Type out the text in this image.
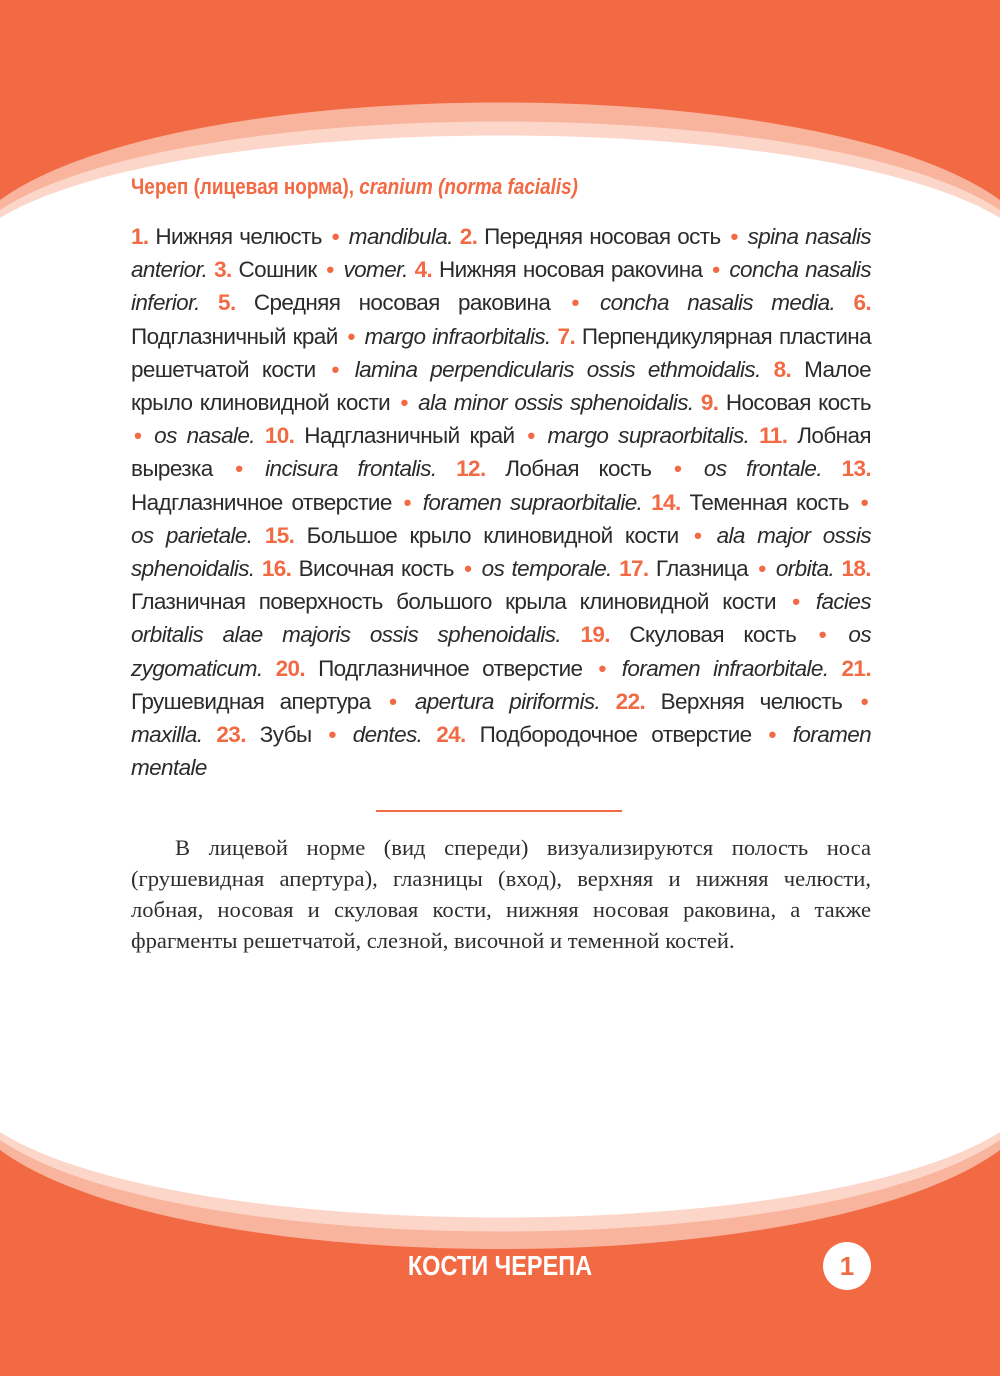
Череп (лицевая норма), cranium (norma facialis)
1. Нижняя челюсть • mandibula. 2. Передняя носовая ость • spina nasalis anterior. 3. Сошник • vomer. 4. Нижняя носовая ракоvина • concha nasalis inferior. 5. Средняя носовая раковина • concha nasalis media. 6. Подглазничный край • margo infraorbitalis. 7. Перпендикулярная пластина решетчатой кости • lamina perpendicularis ossis ethmoidalis. 8. Малое крыло клиновидной кости • ala minor ossis sphenoidalis. 9. Носовая кость • os nasale. 10. Надглазничный край • margo supraorbitalis. 11. Лобная вырезка • incisura frontalis. 12. Лобная кость • os frontale. 13. Надглазничное отверстие • foramen supraorbitalie. 14. Теменная кость • os parietale. 15. Большое крыло клиновидной кости • ala major ossis sphenoidalis. 16. Височная кость • os temporale. 17. Глазница • orbita. 18. Глазничная поверхность большого крыла клиновидной кости • facies orbitalis alae majoris ossis sphenoidalis. 19. Скуловая кость • os zygomaticum. 20. Подглазничное отверстие • foramen infraorbitale. 21. Грушевидная апертура • apertura piriformis. 22. Верхняя челюсть • maxilla. 23. Зубы • dentes. 24. Подбородочное отверстие • foramen mentale
В лицевой норме (вид спереди) визуализируются полость носа (грушевидная апертура), глазницы (вход), верхняя и нижняя челюсти, лобная, носовая и скуловая кости, нижняя носовая раковина, а также фрагменты решетчатой, слезной, височной и теменной костей.
КОСТИ ЧЕРЕПА	1
